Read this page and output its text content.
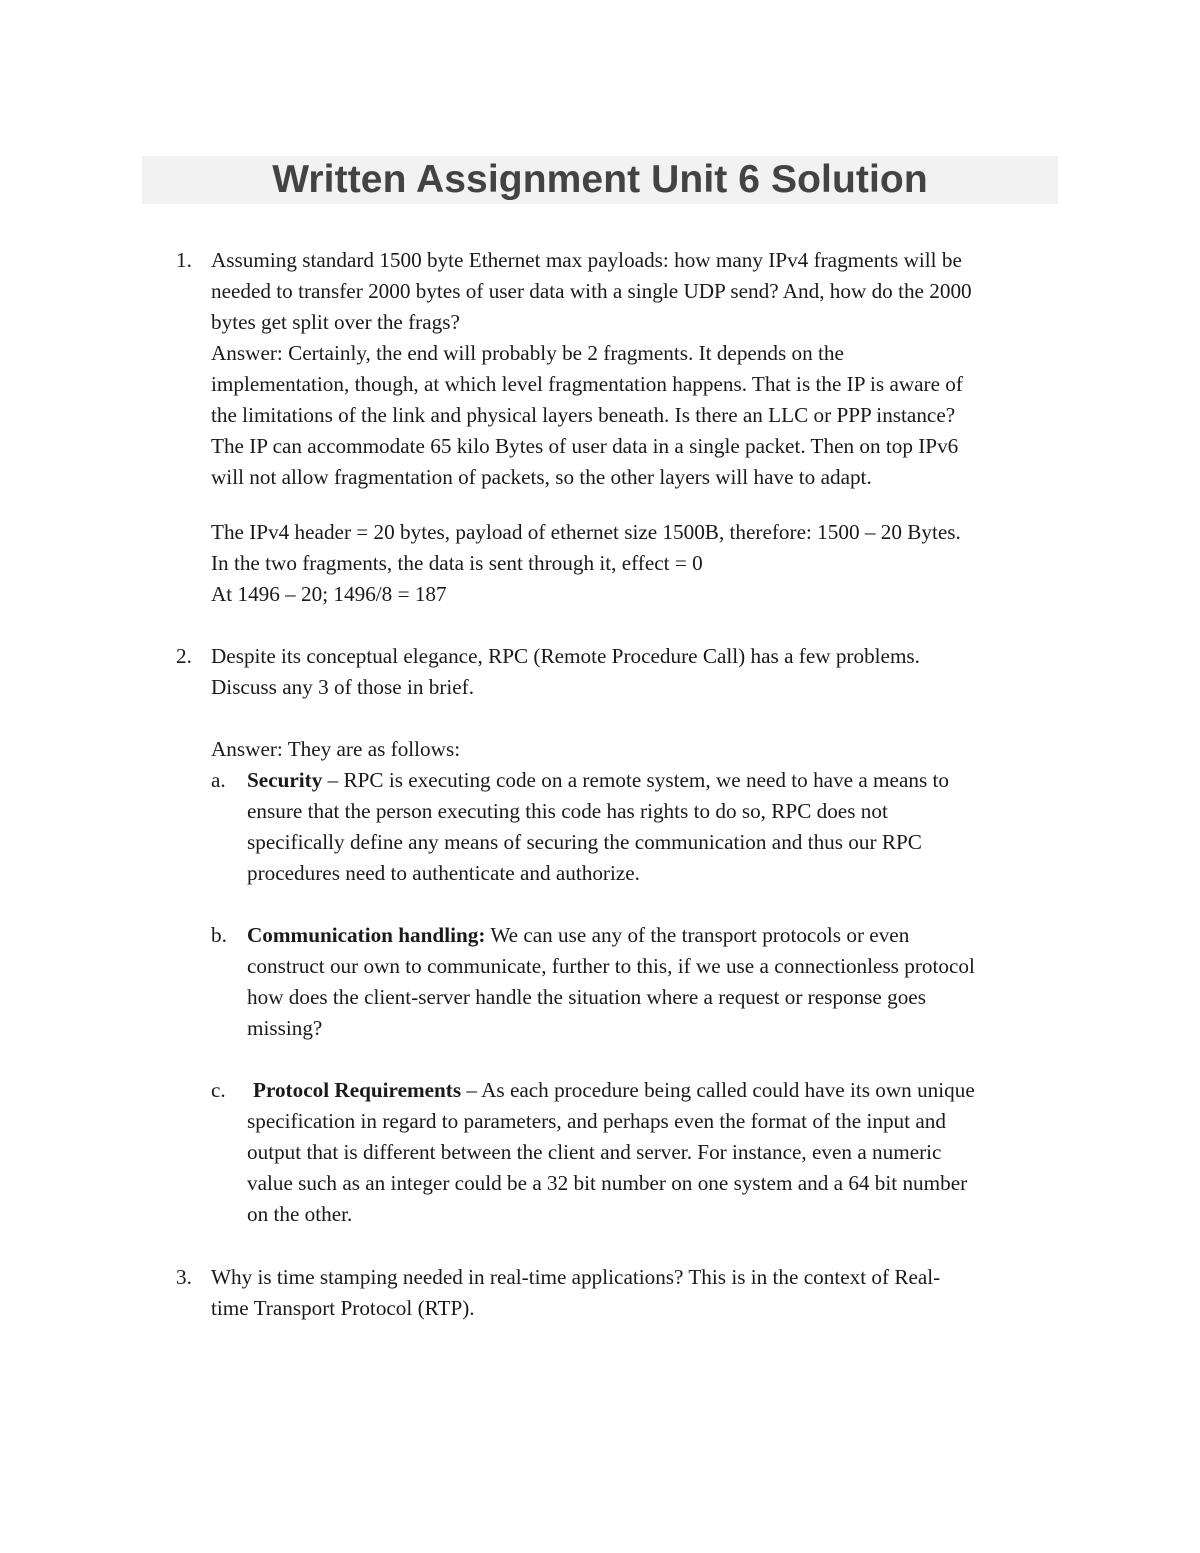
Written Assignment Unit 6 Solution
1. Assuming standard 1500 byte Ethernet max payloads: how many IPv4 fragments will be
needed to transfer 2000 bytes of user data with a single UDP send? And, how do the 2000
bytes get split over the frags?
Answer: Certainly, the end will probably be 2 fragments. It depends on the
implementation, though, at which level fragmentation happens. That is the IP is aware of
the limitations of the link and physical layers beneath. Is there an LLC or PPP instance?
The IP can accommodate 65 kilo Bytes of user data in a single packet. Then on top IPv6
will not allow fragmentation of packets, so the other layers will have to adapt.
The IPv4 header = 20 bytes, payload of ethernet size 1500B, therefore: 1500 – 20 Bytes.
In the two fragments, the data is sent through it, effect = 0
At 1496 – 20; 1496/8 = 187
2. Despite its conceptual elegance, RPC (Remote Procedure Call) has a few problems.
Discuss any 3 of those in brief.
Answer: They are as follows:
a. Security – RPC is executing code on a remote system, we need to have a means to
ensure that the person executing this code has rights to do so, RPC does not
specifically define any means of securing the communication and thus our RPC
procedures need to authenticate and authorize.
b. Communication handling: We can use any of the transport protocols or even
construct our own to communicate, further to this, if we use a connectionless protocol
how does the client-server handle the situation where a request or response goes
missing?
c. Protocol Requirements – As each procedure being called could have its own unique
specification in regard to parameters, and perhaps even the format of the input and
output that is different between the client and server. For instance, even a numeric
value such as an integer could be a 32 bit number on one system and a 64 bit number
on the other.
3. Why is time stamping needed in real-time applications? This is in the context of Real-
time Transport Protocol (RTP).
